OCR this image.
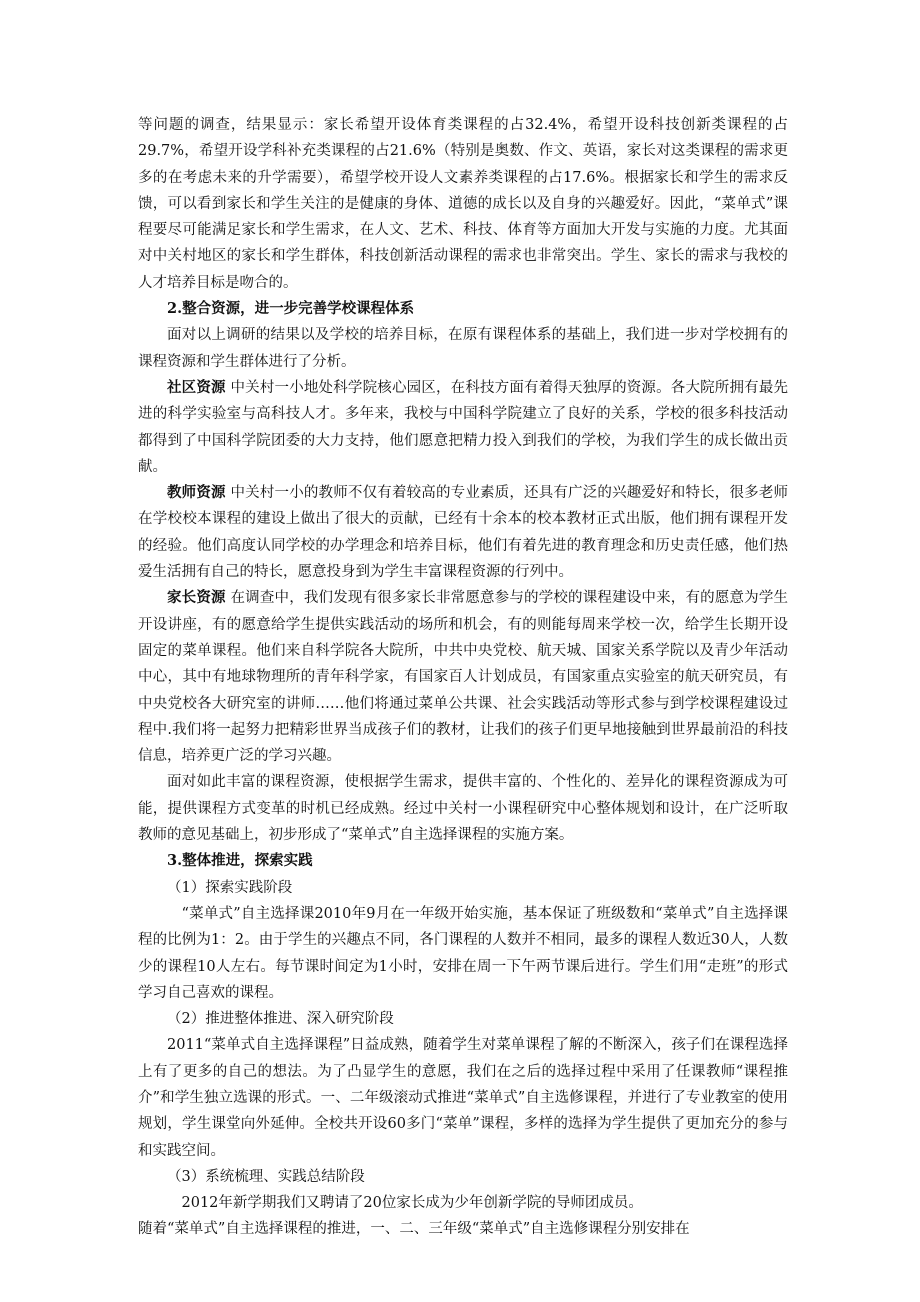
等问题的调查，结果显示：家长希望开设体育类课程的占32.4%，希望开设科技创新类课程的占29.7%，希望开设学科补充类课程的占21.6%（特别是奥数、作文、英语，家长对这类课程的需求更多的在考虑未来的升学需要），希望学校开设人文素养类课程的占17.6%。根据家长和学生的需求反馈，可以看到家长和学生关注的是健康的身体、道德的成长以及自身的兴趣爱好。因此，“菜单式”课程要尽可能满足家长和学生需求，在人文、艺术、科技、体育等方面加大开发与实施的力度。尤其面对中关村地区的家长和学生群体，科技创新活动课程的需求也非常突出。学生、家长的需求与我校的人才培养目标是吻合的。

2.整合资源，进一步完善学校课程体系

面对以上调研的结果以及学校的培养目标，在原有课程体系的基础上，我们进一步对学校拥有的课程资源和学生群体进行了分析。

社区资源 中关村一小地处科学院核心园区，在科技方面有着得天独厚的资源。各大院所拥有最先进的科学实验室与高科技人才。多年来，我校与中国科学院建立了良好的关系，学校的很多科技活动都得到了中国科学院团委的大力支持，他们愿意把精力投入到我们的学校，为我们学生的成长做出贡献。

教师资源 中关村一小的教师不仅有着较高的专业素质，还具有广泛的兴趣爱好和特长，很多老师在学校校本课程的建设上做出了很大的贡献，已经有十余本的校本教材正式出版，他们拥有课程开发的经验。他们高度认同学校的办学理念和培养目标，他们有着先进的教育理念和历史责任感，他们热爱生活拥有自己的特长，愿意投身到为学生丰富课程资源的行列中。

家长资源 在调查中，我们发现有很多家长非常愿意参与的学校的课程建设中来，有的愿意为学生开设讲座，有的愿意给学生提供实践活动的场所和机会，有的则能每周来学校一次，给学生长期开设固定的菜单课程。他们来自科学院各大院所，中共中央党校、航天城、国家关系学院以及青少年活动中心，其中有地球物理所的青年科学家，有国家百人计划成员，有国家重点实验室的航天研究员，有中央党校各大研究室的讲师……他们将通过菜单公共课、社会实践活动等形式参与到学校课程建设过程中.我们将一起努力把精彩世界当成孩子们的教材，让我们的孩子们更早地接触到世界最前沿的科技信息，培养更广泛的学习兴趣。

面对如此丰富的课程资源，使根据学生需求，提供丰富的、个性化的、差异化的课程资源成为可能，提供课程方式变革的时机已经成熟。经过中关村一小课程研究中心整体规划和设计，在广泛听取教师的意见基础上，初步形成了“菜单式”自主选择课程的实施方案。

3.整体推进，探索实践

（1）探索实践阶段

“菜单式”自主选择课2010年9月在一年级开始实施，基本保证了班级数和“菜单式”自主选择课程的比例为1：2。由于学生的兴趣点不同，各门课程的人数并不相同，最多的课程人数近30人，人数少的课程10人左右。每节课时间定为1小时，安排在周一下午两节课后进行。学生们用“走班”的形式学习自己喜欢的课程。

（2）推进整体推进、深入研究阶段

2011“菜单式自主选择课程”日益成熟，随着学生对菜单课程了解的不断深入，孩子们在课程选择上有了更多的自己的想法。为了凸显学生的意愿，我们在之后的选择过程中采用了任课教师“课程推介”和学生独立选课的形式。一、二年级滚动式推进“菜单式”自主选修课程，并进行了专业教室的使用规划，学生课堂向外延伸。全校共开设60多门“菜单”课程，多样的选择为学生提供了更加充分的参与和实践空间。

（3）系统梳理、实践总结阶段

2012年新学期我们又聘请了20位家长成为少年创新学院的导师团成员。

随着“菜单式”自主选择课程的推进，一、二、三年级“菜单式”自主选修课程分别安排在
